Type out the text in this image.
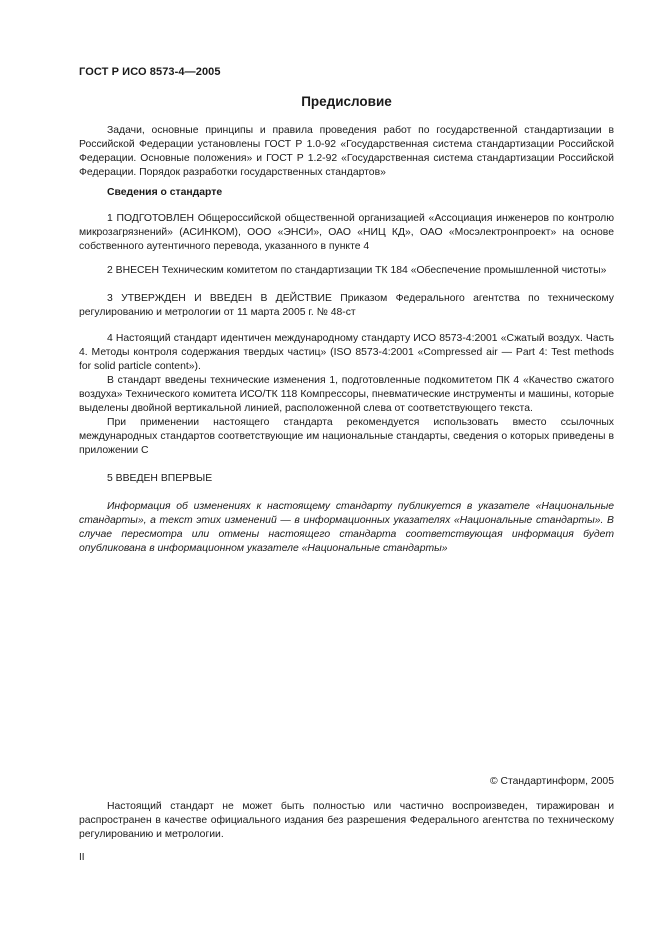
ГОСТ Р ИСО 8573-4—2005
Предисловие

Задачи, основные принципы и правила проведения работ по государственной стандартизации в Российской Федерации установлены ГОСТ Р 1.0-92 «Государственная система стандартизации Российской Федерации. Основные положения» и ГОСТ Р 1.2-92 «Государственная система стандартизации Российской Федерации. Порядок разработки государственных стандартов»

Сведения о стандарте

1 ПОДГОТОВЛЕН Общероссийской общественной организацией «Ассоциация инженеров по контролю микрозагрязнений» (АСИНКОМ), ООО «ЭНСИ», ОАО «НИЦ КД», ОАО «Мосэлектронпроект» на основе собственного аутентичного перевода, указанного в пункте 4

2 ВНЕСЕН Техническим комитетом по стандартизации ТК 184 «Обеспечение промышленной чистоты»

3 УТВЕРЖДЕН И ВВЕДЕН В ДЕЙСТВИЕ Приказом Федерального агентства по техническому регулированию и метрологии от 11 марта 2005 г. № 48-ст

4 Настоящий стандарт идентичен международному стандарту ИСО 8573-4:2001 «Сжатый воздух. Часть 4. Методы контроля содержания твердых частиц» (ISO 8573-4:2001 «Compressed air — Part 4: Test methods for solid particle content»).

В стандарт введены технические изменения 1, подготовленные подкомитетом ПК 4 «Качество сжатого воздуха» Технического комитета ИСО/ТК 118 Компрессоры, пневматические инструменты и машины, которые выделены двойной вертикальной линией, расположенной слева от соответствующего текста.

При применении настоящего стандарта рекомендуется использовать вместо ссылочных международных стандартов соответствующие им национальные стандарты, сведения о которых приведены в приложении С

5 ВВЕДЕН ВПЕРВЫЕ

Информация об изменениях к настоящему стандарту публикуется в указателе «Национальные стандарты», а текст этих изменений — в информационных указателях «Национальные стандарты». В случае пересмотра или отмены настоящего стандарта соответствующая информация будет опубликована в информационном указателе «Национальные стандарты»

© Стандартинформ, 2005

Настоящий стандарт не может быть полностью или частично воспроизведен, тиражирован и распространен в качестве официального издания без разрешения Федерального агентства по техническому регулированию и метрологии.

II
